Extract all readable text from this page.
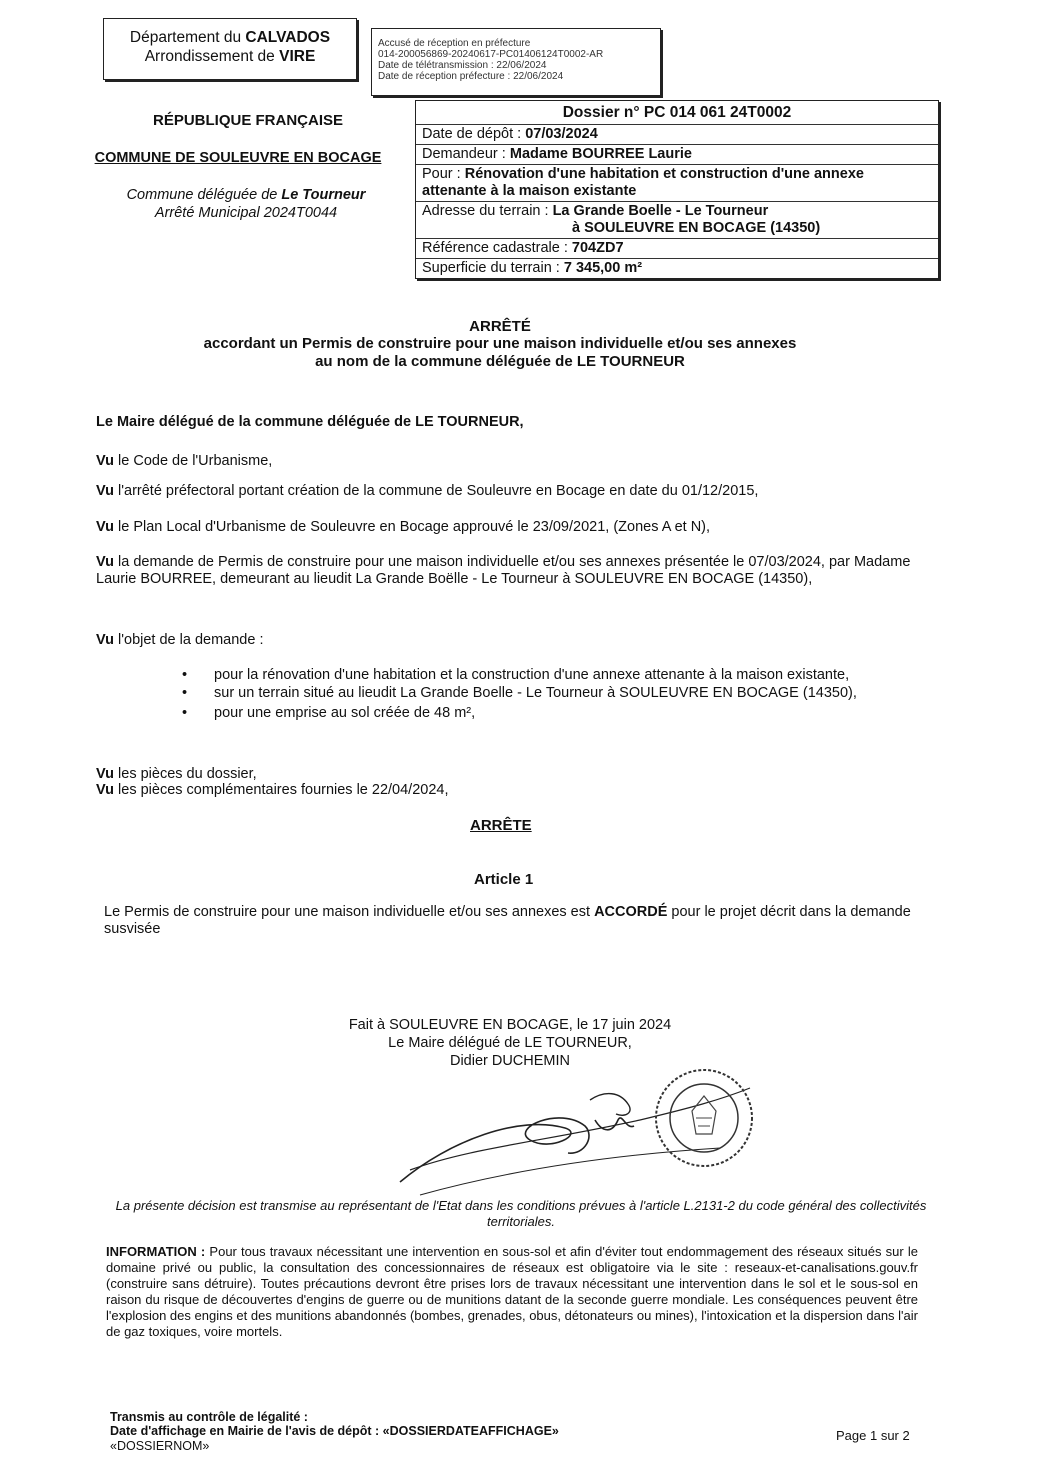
Département du CALVADOS
Arrondissement de VIRE
Accusé de réception en préfecture
014-200056869-20240617-PC01406124T0002-AR
Date de télétransmission : 22/06/2024
Date de réception préfecture : 22/06/2024
RÉPUBLIQUE FRANÇAISE
COMMUNE DE SOULEUVRE EN BOCAGE
Commune déléguée de Le Tourneur
Arrêté Municipal 2024T0044
Dossier n° PC 014 061 24T0002
Date de dépôt : 07/03/2024
Demandeur : Madame BOURREE Laurie
Pour : Rénovation d'une habitation et construction d'une annexe attenante à la maison existante
Adresse du terrain : La Grande Boelle - Le Tourneur
à SOULEUVRE EN BOCAGE (14350)
Référence cadastrale : 704ZD7
Superficie du terrain : 7 345,00 m²
ARRÊTÉ
accordant un Permis de construire pour une maison individuelle et/ou ses annexes
au nom de la commune déléguée de LE TOURNEUR
Le Maire délégué de la commune déléguée de LE TOURNEUR,
Vu le Code de l'Urbanisme,
Vu l'arrêté préfectoral portant création de la commune de Souleuvre en Bocage en date du 01/12/2015,
Vu le Plan Local d'Urbanisme de Souleuvre en Bocage approuvé le 23/09/2021, (Zones A et N),
Vu la demande de Permis de construire pour une maison individuelle et/ou ses annexes présentée le 07/03/2024, par Madame Laurie BOURREE, demeurant au lieudit La Grande Boëlle - Le Tourneur à SOULEUVRE EN BOCAGE (14350),
Vu l'objet de la demande :
• pour la rénovation d'une habitation et la construction d'une annexe attenante à la maison existante,
• sur un terrain situé au lieudit La Grande Boelle - Le Tourneur à SOULEUVRE EN BOCAGE (14350),
• pour une emprise au sol créée de 48 m²,
Vu les pièces du dossier,
Vu les pièces complémentaires fournies le 22/04/2024,
ARRÊTE
Article 1
Le Permis de construire pour une maison individuelle et/ou ses annexes est ACCORDÉ pour le projet décrit dans la demande susvisée
Fait à SOULEUVRE EN BOCAGE, le 17 juin 2024
Le Maire délégué de LE TOURNEUR,
Didier DUCHEMIN
La présente décision est transmise au représentant de l'Etat dans les conditions prévues à l'article L.2131-2 du code général des collectivités territoriales.
INFORMATION : Pour tous travaux nécessitant une intervention en sous-sol et afin d'éviter tout endommagement des réseaux situés sur le domaine privé ou public, la consultation des concessionnaires de réseaux est obligatoire via le site : reseaux-et-canalisations.gouv.fr (construire sans détruire). Toutes précautions devront être prises lors de travaux nécessitant une intervention dans le sol et le sous-sol en raison du risque de découvertes d'engins de guerre ou de munitions datant de la seconde guerre mondiale. Les conséquences peuvent être l'explosion des engins et des munitions abandonnés (bombes, grenades, obus, détonateurs ou mines), l'intoxication et la dispersion dans l'air de gaz toxiques, voire mortels.
Transmis au contrôle de légalité :
Date d'affichage en Mairie de l'avis de dépôt : «DOSSIERDATEAFFICHAGE»
«DOSSIERNOM»
Page 1 sur 2
